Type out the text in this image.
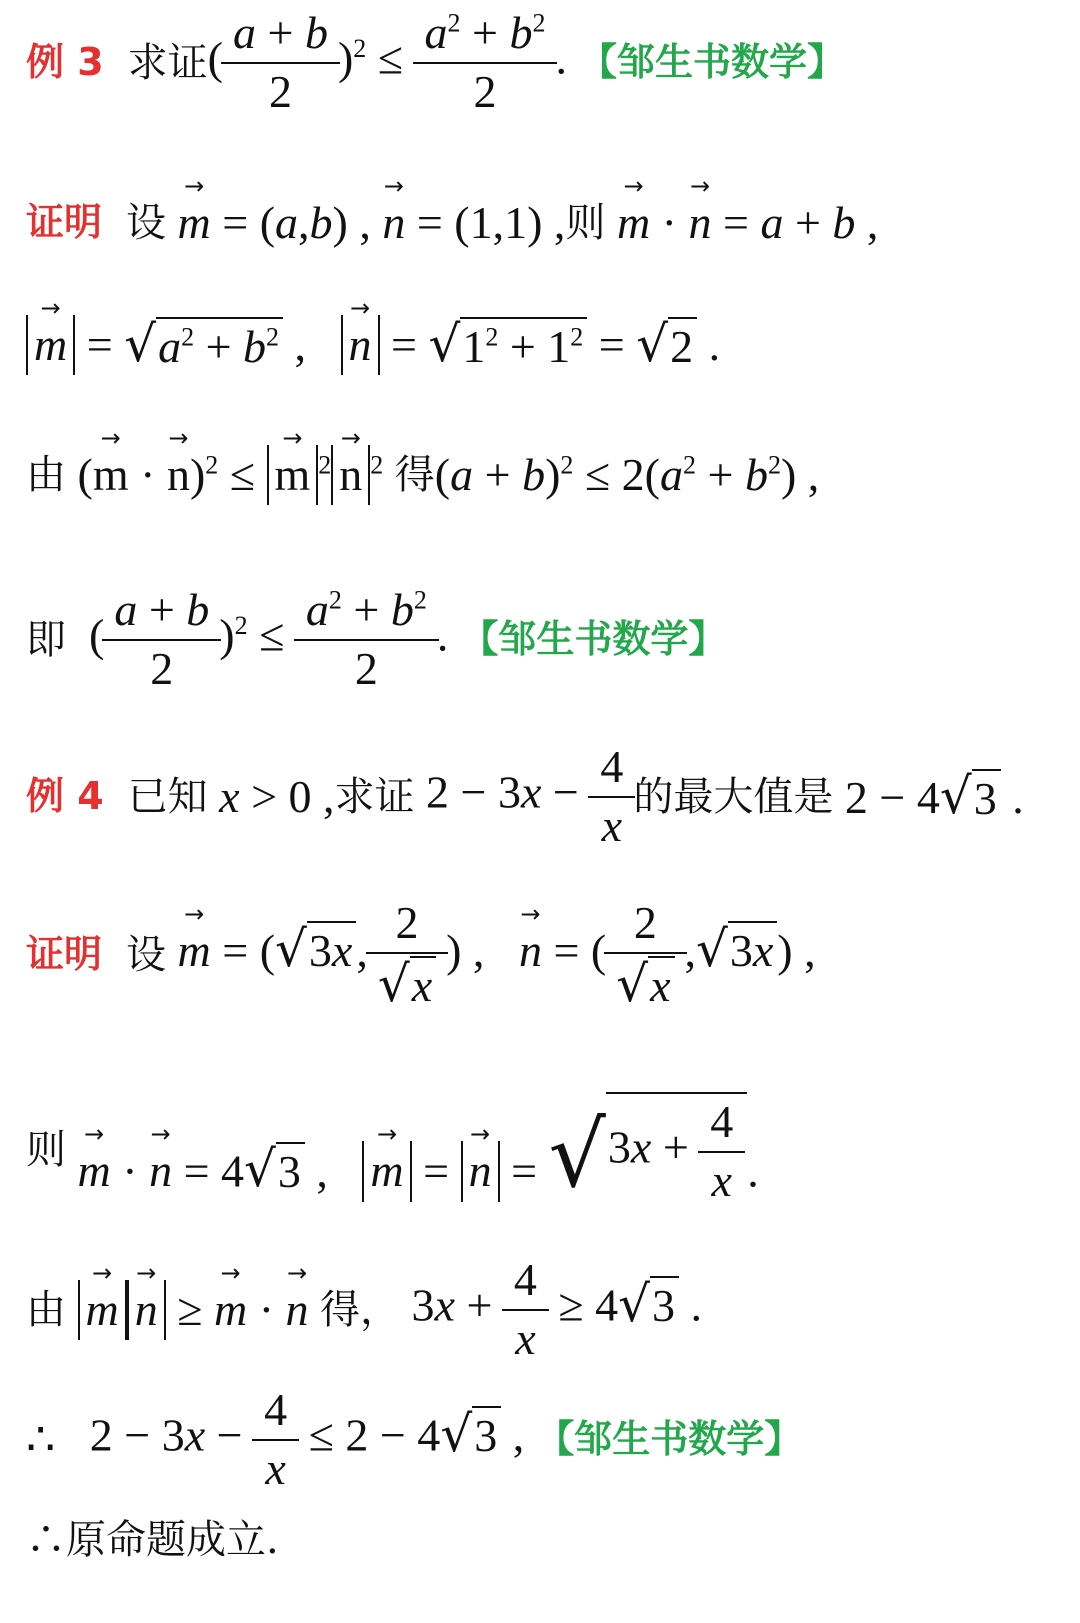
例 3 求证 ( $\frac{a + b}{2} )^2 \le \frac{a^2 + b^2}{2}$ . 【邹生书数学】
证明 设 → m = (a,b) , → n = (1,1) , 则 → m · → n = a + b ,
→ m = √ $a^2 + b^2$ , → n = √ $1^2 + 1^2$ = √ 2 .
由 (→ m · → n)$^2$ ≤ → m $^2$ → n $^2$ 得 $(a + b)^2 \le 2(a^2 + b^2)$ ,
即 ( $\frac{a + b}{2} )^2 \le \frac{a^2 + b^2}{2}$ . 【邹生书数学】
例 4 已知 x > 0 , 求证 $2 - 3x - \frac{4}{x}$ 的最大值是 2 − 4 √ 3 .
证明 设 → m = ( √ 3x , $\frac{2}{√ x}$ ) ,   → n = ( $\frac{2}{√ x}$ , √ 3x ) ,
则 → m · → n = 4 √ 3 ,   → m = → n = √ $3x + \frac{4}{x}$ .
由 → m → n ≥ → m · → n 得， $3x + \frac{4}{x} \ge 4$ √ 3 .
∴ $2 - 3x - \frac{4}{x} \le 2 - 4$ √ 3 , 【邹生书数学】
∴原命题成立.
